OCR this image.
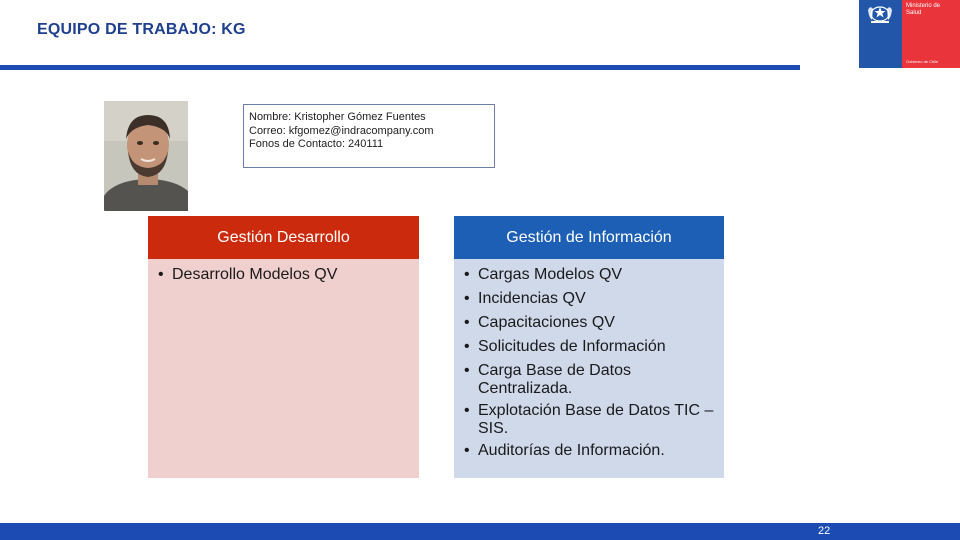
EQUIPO DE TRABAJO: KG
Ministerio de
Salud
Gobierno de Chile
Nombre: Kristopher Gómez Fuentes
Correo: kfgomez@indracompany.com
Fonos de Contacto: 240111
Gestión Desarrollo
• Desarrollo Modelos QV
Gestión de Información
• Cargas Modelos QV
• Incidencias QV
• Capacitaciones QV
• Solicitudes de Información
• Carga Base de Datos Centralizada.
• Explotación Base de Datos TIC – SIS.
• Auditorías de Información.
22
